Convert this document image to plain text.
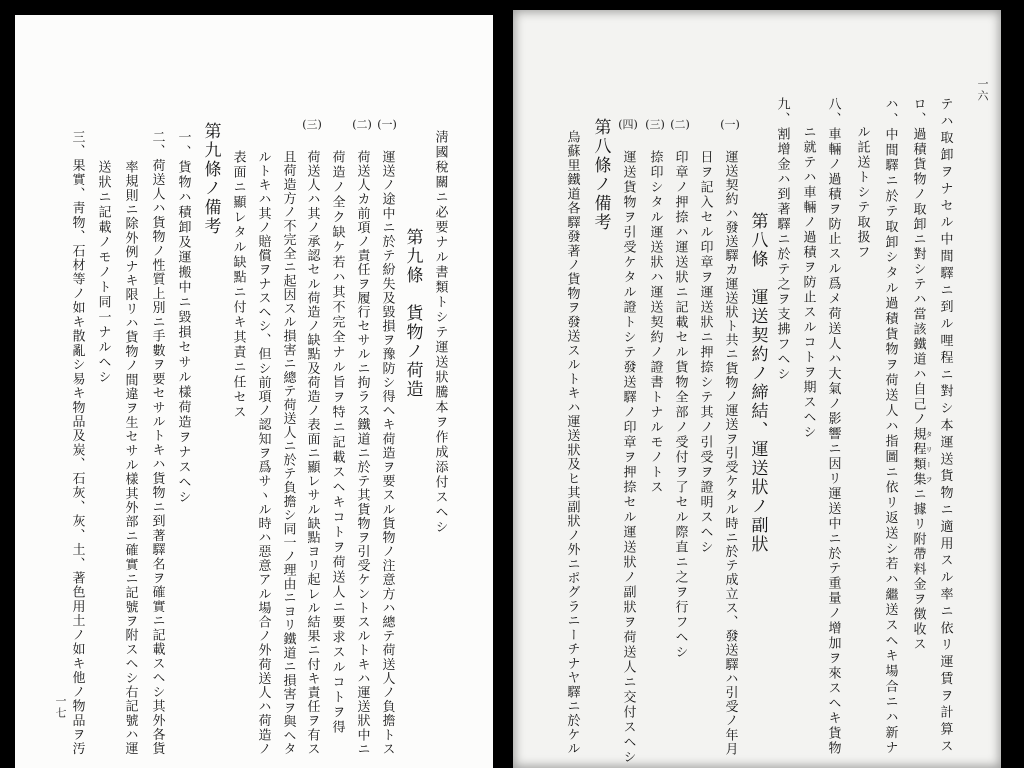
淸國稅關ニ必要ナル書類トシテ運送狀騰本ヲ作成添付スヘシ
第九條　貨物ノ荷造
(一)
運送ノ途中ニ於テ紛失及毀損ヲ豫防シ得ヘキ荷造ヲ要スル貨物ノ注意方ハ總テ荷送人ノ負擔トス
(二)
荷送人カ前項ノ責任ヲ履行セサルニ拘ラス鐵道ニ於テ其貨物ヲ引受ケントスルトキハ運送狀中ニ
荷造ノ全ク缺ケ若ハ其不完全ナル旨ヲ特ニ記載スヘキコトヲ荷送人ニ要求スルコトヲ得
(三)
荷送人ハ其ノ承認セル荷造ノ缺點及荷造ノ表面ニ顯レサル缺點ヨリ起レル結果ニ付キ責任ヲ有ス
且荷造方ノ不完全ニ起因スル損害ニ總テ荷送人ニ於テ負擔シ同一ノ理由ニヨリ鐵道ニ損害ヲ與ヘタ
ルトキハ其ノ賠償ヲナスヘシ、但シ前項ノ認知ヲ爲サヽル時ハ惡意アル場合ノ外荷送人ハ荷造ノ
表面ニ顯レタル缺點ニ付キ其責ニ任セス
第九條ノ備考
一、貨物ハ積卸及運搬中ニ毀損セサル樣荷造ヲナスヘシ
二、荷送人ハ貨物ノ性質上別ニ手數ヲ要セサルトキハ貨物ニ到著驛名ヲ確實ニ記載スヘシ其外各貨
率規則ニ除外例ナキ限リハ貨物ノ間違ヲ生セサル樣其外部ニ確實ニ記號ヲ附スヘシ右記號ハ運
送狀ニ記載ノモノト同一ナルヘシ
三、果實、靑物、石材等ノ如キ散亂シ易キ物品及炭、石灰、灰、土、著色用土ノ如キ他ノ物品ヲ汚
一七
一六
テハ取卸ヲナセル中間驛ニ到ル哩程ニ對シ本運送貨物ニ適用スル率ニ依リ運賃ヲ計算ス
ロ、過積貨物ノ取卸ニ對シテハ當該鐵道ハ自己ノ規程類集 タリーフニ據リ附帶料金ヲ徴收ス
ハ、中間驛ニ於テ取卸シタル過積貨物ヲ荷送人ハ指圖ニ依リ返送シ若ハ繼送スヘキ場合ニハ新ナ
ル託送トシテ取扱フ
八、車輛ノ過積ヲ防止スル爲メ荷送人ハ大氣ノ影響ニ因リ運送中ニ於テ重量ノ增加ヲ來スヘキ貨物
ニ就テハ車輛ノ過積ヲ防止スルコトヲ期スヘシ
九、割增金ハ到著驛ニ於テ之ヲ支拂フヘシ
第八條　運送契約ノ締結、運送狀ノ副狀
(一)
運送契約ハ發送驛カ運送狀ト共ニ貨物ノ運送ヲ引受ケタル時ニ於テ成立ス、發送驛ハ引受ノ年月
日ヲ記入セル印章ヲ運送狀ニ押捺シテ其ノ引受ヲ證明スヘシ
(二)
印章ノ押捺ハ運送狀ニ記載セル貨物全部ノ受付ヲ了セル際直ニ之ヲ行フヘシ
(三)
捺印シタル運送狀ハ運送契約ノ證書トナルモノトス
(四)
運送貨物ヲ引受ケタル證トシテ發送驛ノ印章ヲ押捺セル運送狀ノ副狀ヲ荷送人ニ交付スヘシ
第八條ノ備考
烏蘇里鐵道各驛發著ノ貨物ヲ發送スルトキハ運送狀及ヒ其副狀ノ外ニポグラニーチナヤ驛ニ於ケル
